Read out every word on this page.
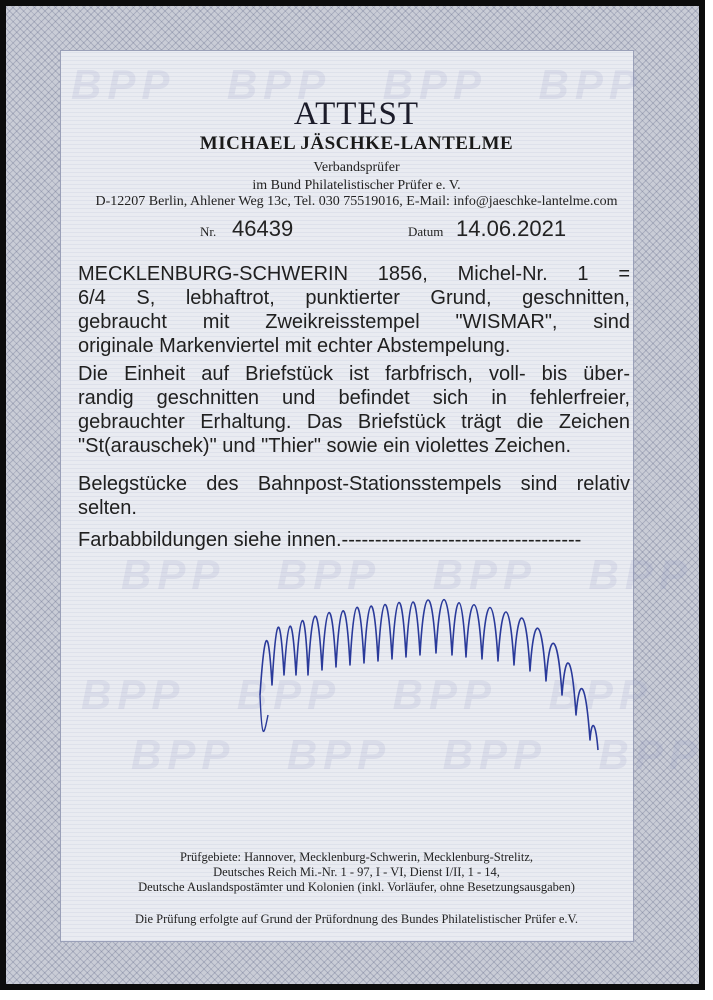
BPP BPP BPP BPP
BPP BPP BPP BPP
BPP BPP BPP BPP
BPP BPP BPP BPP
ATTEST
MICHAEL JÄSCHKE-LANTELME
Verbandsprüfer
im Bund Philatelistischer Prüfer e. V.
D-12207 Berlin, Ahlener Weg 13c, Tel. 030 75519016, E-Mail: info@jaeschke-lantelme.com
Nr. 46439	Datum 14.06.2021
MECKLENBURG-SCHWERIN 1856, Michel-Nr. 1 =
6/4 S, lebhaftrot, punktierter Grund, geschnitten,
gebraucht mit Zweikreisstempel "WISMAR", sind
originale Markenviertel mit echter Abstempelung.
Die Einheit auf Briefstück ist farbfrisch, voll- bis über-
randig geschnitten und befindet sich in fehlerfreier,
gebrauchter Erhaltung. Das Briefstück trägt die Zeichen
"St(arauschek)" und "Thier" sowie ein violettes Zeichen.
Belegstücke des Bahnpost-Stationsstempels sind relativ
selten.
Farbabbildungen siehe innen.------------------------------------
Prüfgebiete: Hannover, Mecklenburg-Schwerin, Mecklenburg-Strelitz,
Deutsches Reich Mi.-Nr. 1 - 97, I - VI, Dienst I/II, 1 - 14,
Deutsche Auslandspostämter und Kolonien (inkl. Vorläufer, ohne Besetzungsausgaben)
Die Prüfung erfolgte auf Grund der Prüfordnung des Bundes Philatelistischer Prüfer e.V.
